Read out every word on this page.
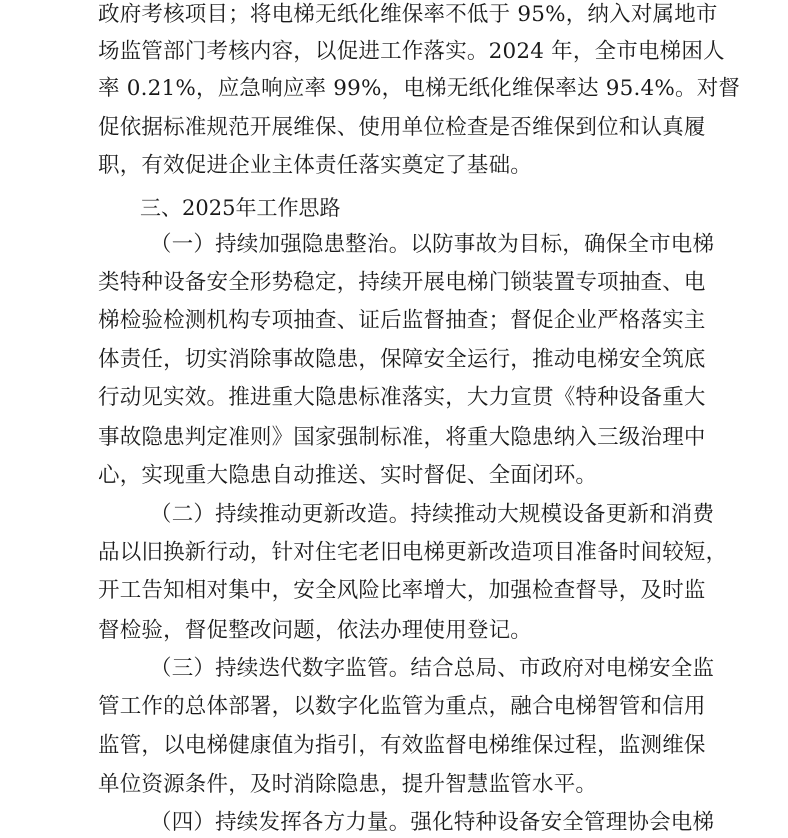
政府考核项目；将电梯无纸化维保率不低于 95%，纳入对属地市
场监管部门考核内容，以促进工作落实。2024 年，全市电梯困人
率 0.21%，应急响应率 99%，电梯无纸化维保率达 95.4%。对督
促依据标准规范开展维保、使用单位检查是否维保到位和认真履
职，有效促进企业主体责任落实奠定了基础。
三、2025年工作思路
（一）持续加强隐患整治。以防事故为目标，确保全市电梯
类特种设备安全形势稳定，持续开展电梯门锁装置专项抽查、电
梯检验检测机构专项抽查、证后监督抽查；督促企业严格落实主
体责任，切实消除事故隐患，保障安全运行，推动电梯安全筑底
行动见实效。推进重大隐患标准落实，大力宣贯《特种设备重大
事故隐患判定准则》国家强制标准，将重大隐患纳入三级治理中
心，实现重大隐患自动推送、实时督促、全面闭环。
（二）持续推动更新改造。持续推动大规模设备更新和消费
品以旧换新行动，针对住宅老旧电梯更新改造项目准备时间较短，
开工告知相对集中，安全风险比率增大，加强检查督导，及时监
督检验，督促整改问题，依法办理使用登记。
（三）持续迭代数字监管。结合总局、市政府对电梯安全监
管工作的总体部署，以数字化监管为重点，融合电梯智管和信用
监管，以电梯健康值为指引，有效监督电梯维保过程，监测维保
单位资源条件，及时消除隐患，提升智慧监管水平。
（四）持续发挥各方力量。强化特种设备安全管理协会电梯
